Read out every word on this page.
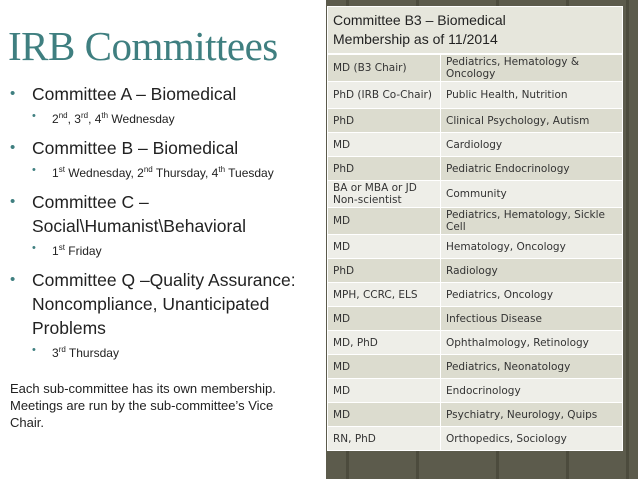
IRB Committees
• Committee A – Biomedical
• 2nd, 3rd, 4th Wednesday
• Committee B – Biomedical
• 1st Wednesday, 2nd Thursday, 4th Tuesday
• Committee C – Social\Humanist\Behavioral
• 1st Friday
• Committee Q –Quality Assurance: Noncompliance, Unanticipated Problems
• 3rd Thursday
Each sub-committee has its own membership. Meetings are run by the sub-committee’s Vice Chair.
Committee B3 – Biomedical
Membership as of 11/2014
MD (B3 Chair)	Pediatrics, Hematology & Oncology
PhD (IRB Co-Chair)	Public Health, Nutrition
PhD	Clinical Psychology, Autism
MD	Cardiology
PhD	Pediatric Endocrinology
BA or MBA or JD Non-scientist	Community
MD	Pediatrics, Hematology, Sickle Cell
MD	Hematology, Oncology
PhD	Radiology
MPH, CCRC, ELS	Pediatrics, Oncology
MD	Infectious Disease
MD, PhD	Ophthalmology, Retinology
MD	Pediatrics, Neonatology
MD	Endocrinology
MD	Psychiatry, Neurology, Quips
RN, PhD	Orthopedics, Sociology
